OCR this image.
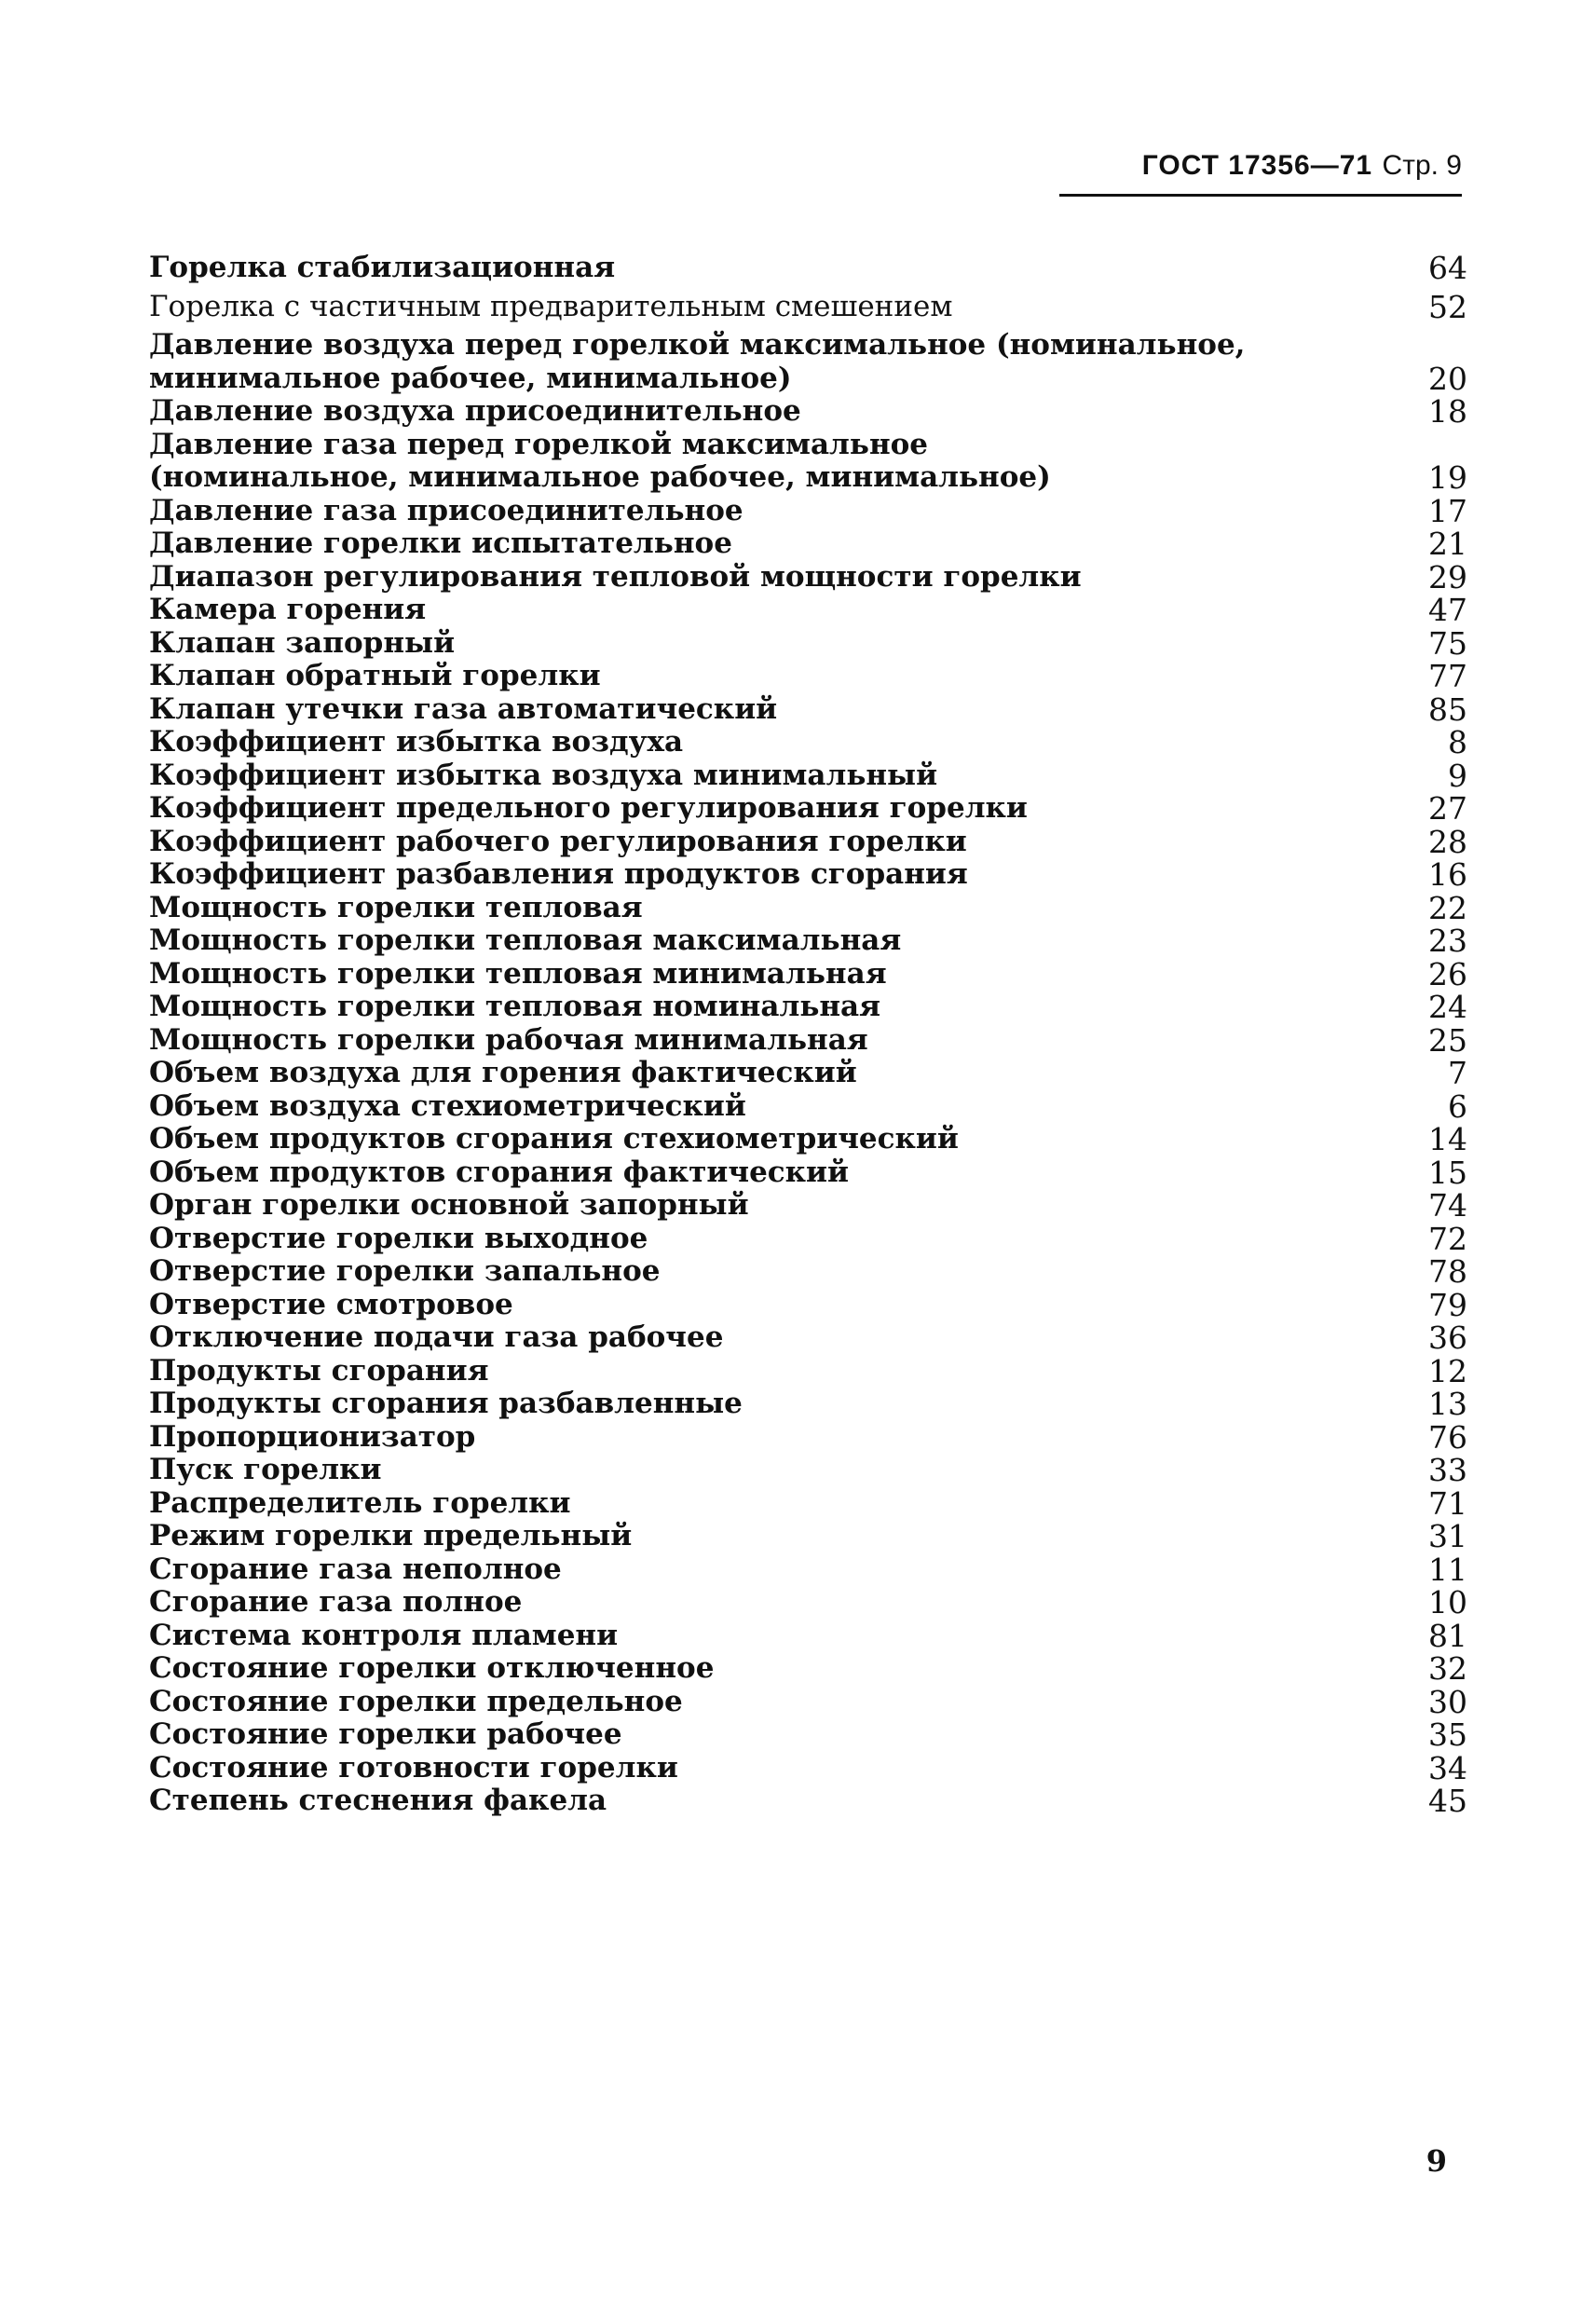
ГОСТ 17356—71 Стр. 9
Горелка стабилизационная	64
Горелка с частичным предварительным смешением	52
Давление воздуха перед горелкой максимальное (номинальное,
минимальное рабочее, минимальное)	20
Давление воздуха присоединительное	18
Давление газа перед горелкой максимальное
(номинальное, минимальное рабочее, минимальное)	19
Давление газа присоединительное	17
Давление горелки испытательное	21
Диапазон регулирования тепловой мощности горелки	29
Камера горения	47
Клапан запорный	75
Клапан обратный горелки	77
Клапан утечки газа автоматический	85
Коэффициент избытка воздуха	8
Коэффициент избытка воздуха минимальный	9
Коэффициент предельного регулирования горелки	27
Коэффициент рабочего регулирования горелки	28
Коэффициент разбавления продуктов сгорания	16
Мощность горелки тепловая	22
Мощность горелки тепловая максимальная	23
Мощность горелки тепловая минимальная	26
Мощность горелки тепловая номинальная	24
Мощность горелки рабочая минимальная	25
Объем воздуха для горения фактический	7
Объем воздуха стехиометрический	6
Объем продуктов сгорания стехиометрический	14
Объем продуктов сгорания фактический	15
Орган горелки основной запорный	74
Отверстие горелки выходное	72
Отверстие горелки запальное	78
Отверстие смотровое	79
Отключение подачи газа рабочее	36
Продукты сгорания	12
Продукты сгорания разбавленные	13
Пропорционизатор	76
Пуск горелки	33
Распределитель горелки	71
Режим горелки предельный	31
Сгорание газа неполное	11
Сгорание газа полное	10
Система контроля пламени	81
Состояние горелки отключенное	32
Состояние горелки предельное	30
Состояние горелки рабочее	35
Состояние готовности горелки	34
Степень стеснения факела	45
9
